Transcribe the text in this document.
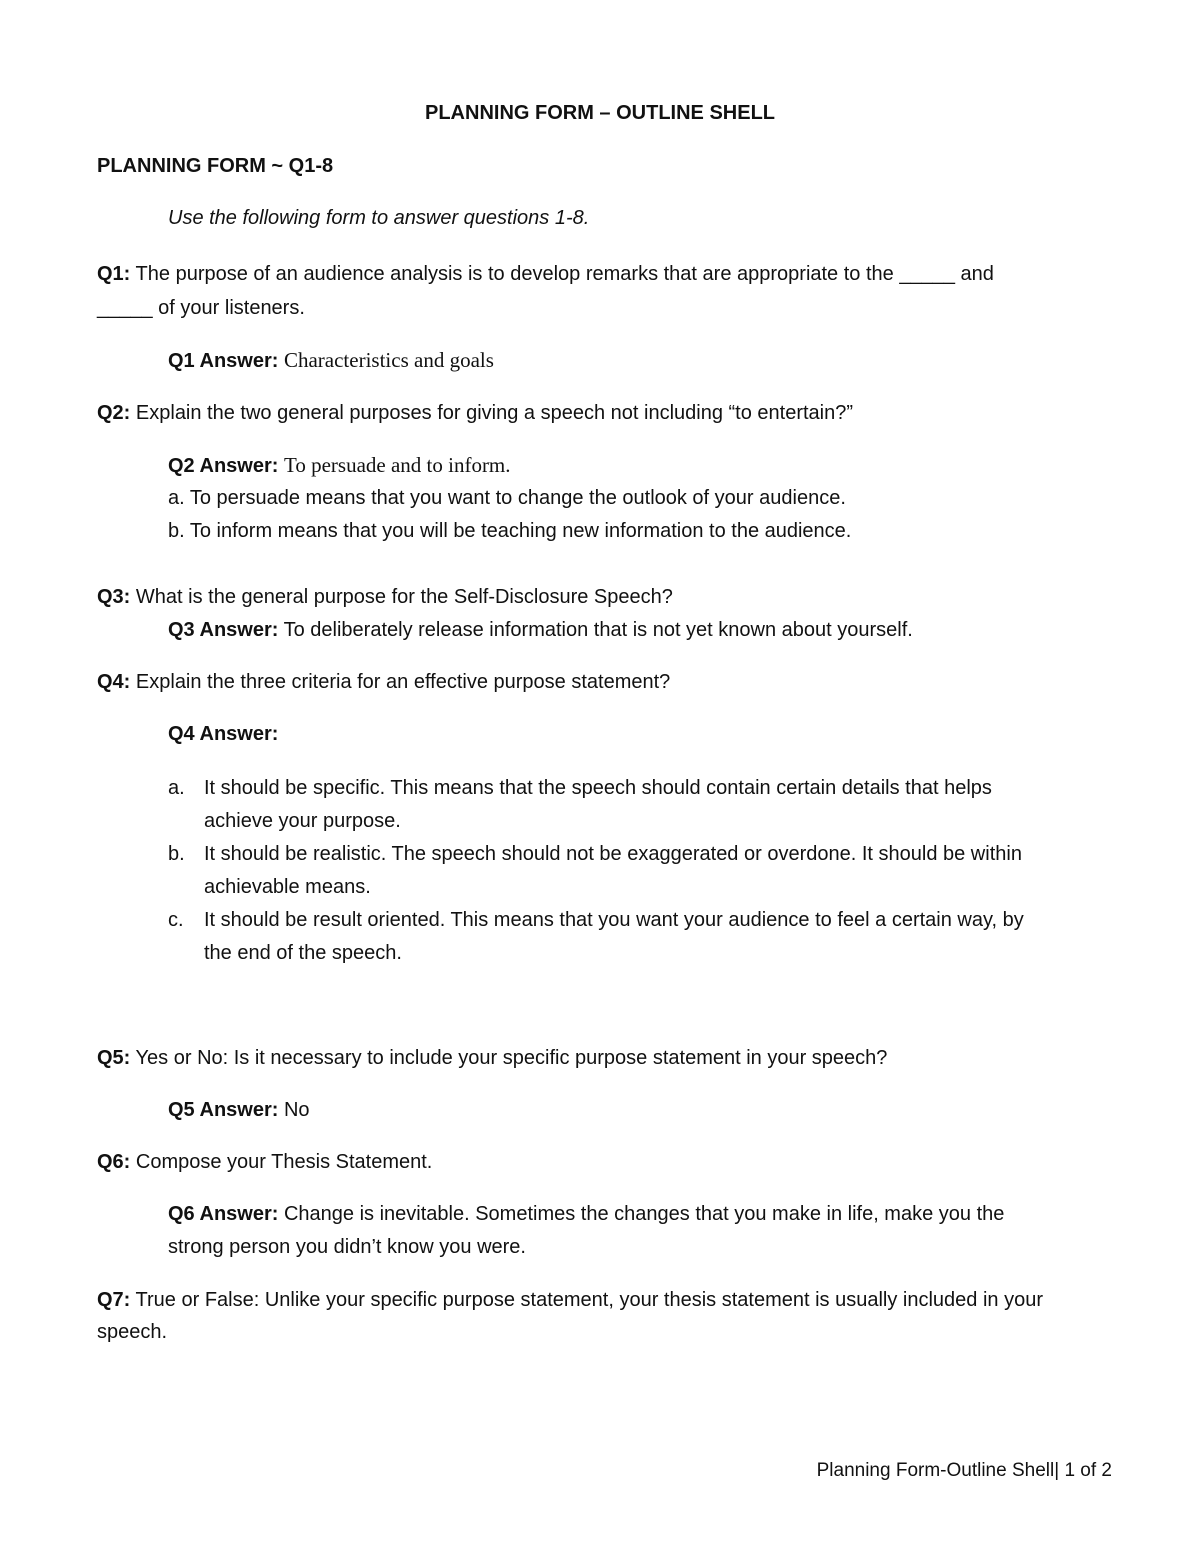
PLANNING FORM – OUTLINE SHELL
PLANNING FORM ~ Q1-8
Use the following form to answer questions 1-8.
Q1: The purpose of an audience analysis is to develop remarks that are appropriate to the _____ and
_____ of your listeners.
Q1 Answer: Characteristics and goals
Q2: Explain the two general purposes for giving a speech not including “to entertain?”
Q2 Answer: To persuade and to inform.
a. To persuade means that you want to change the outlook of your audience.
b. To inform means that you will be teaching new information to the audience.
Q3: What is the general purpose for the Self-Disclosure Speech?
Q3 Answer: To deliberately release information that is not yet known about yourself.
Q4: Explain the three criteria for an effective purpose statement?
Q4 Answer:
a. It should be specific. This means that the speech should contain certain details that helps
achieve your purpose.
b. It should be realistic. The speech should not be exaggerated or overdone. It should be within
achievable means.
c. It should be result oriented. This means that you want your audience to feel a certain way, by
the end of the speech.
Q5: Yes or No: Is it necessary to include your specific purpose statement in your speech?
Q5 Answer: No
Q6: Compose your Thesis Statement.
Q6 Answer: Change is inevitable. Sometimes the changes that you make in life, make you the
strong person you didn’t know you were.
Q7: True or False: Unlike your specific purpose statement, your thesis statement is usually included in your
speech.
Planning Form-Outline Shell| 1 of 2
